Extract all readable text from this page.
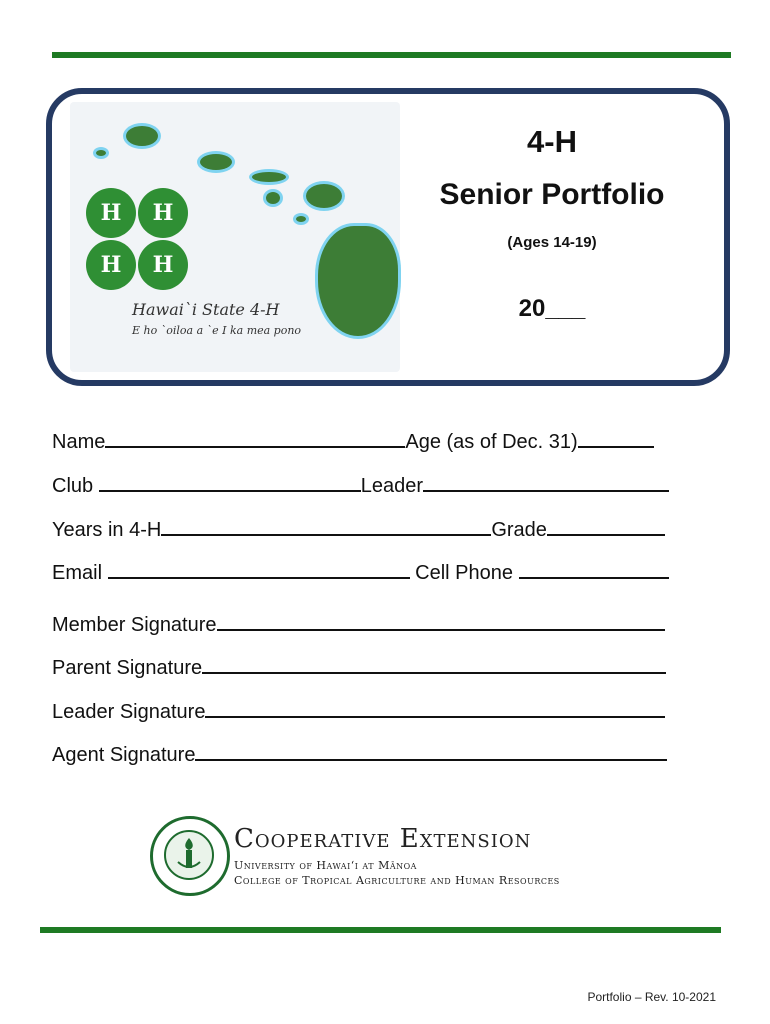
H	H
H	H
Hawai`i State 4-H
E ho `oiloa a `e I ka mea pono
4-H
Senior Portfolio
(Ages 14-19)
20___
Name	Age (as of Dec. 31)
Club	Leader
Years in 4-H	Grade
Email	Cell Phone
Member Signature
Parent Signature
Leader Signature
Agent Signature
Cooperative Extension
University of Hawai‘i at Mānoa
College of Tropical Agriculture and Human Resources
Portfolio – Rev. 10-2021
